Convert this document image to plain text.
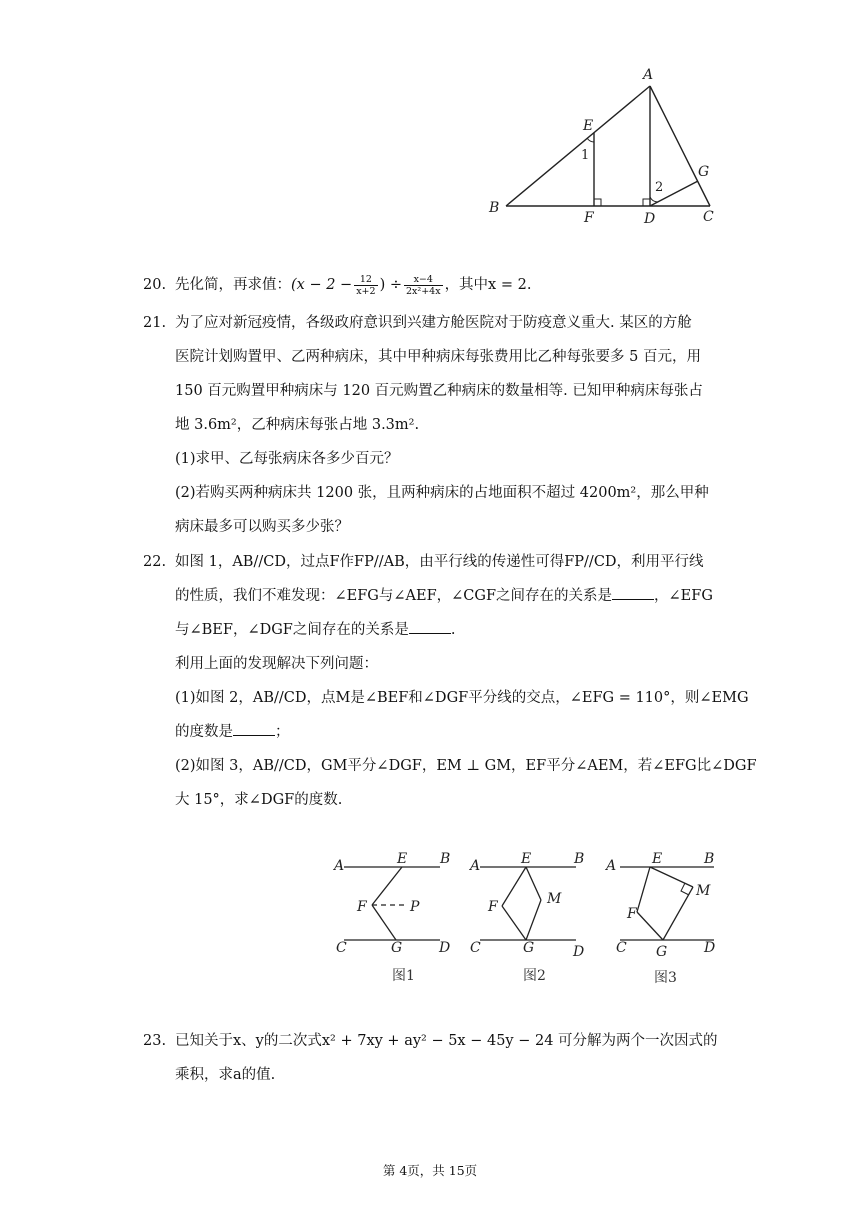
A
B
C
D
E
F
G
1
2
20. 先化简，再求值：($x - 2 - \frac{12}{x+2}$ ) ÷ $\frac{x-4}{\text{2x²+4x}}$ ，其中x = 2.
21. 为了应对新冠疫情，各级政府意识到兴建方舱医院对于防疫意义重大. 某区的方舱
医院计划购置甲、乙两种病床，其中甲种病床每张费用比乙种每张要多 5 百元，用
150 百元购置甲种病床与 120 百元购置乙种病床的数量相等. 已知甲种病床每张占
地 3.6m²，乙种病床每张占地 3.3m².
(1)求甲、乙每张病床各多少百元？
(2)若购买两种病床共 1200 张，且两种病床的占地面积不超过 4200m²，那么甲种
病床最多可以购买多少张？
22. 如图 1，AB//CD，过点F作FP//AB，由平行线的传递性可得FP//CD，利用平行线
的性质，我们不难发现：∠EFG与∠AEF，∠CGF之间存在的关系是	，∠EFG
与∠BEF，∠DGF之间存在的关系是	.
利用上面的发现解决下列问题：
(1)如图 2，AB//CD，点M是∠BEF和∠DGF平分线的交点，∠EFG = 110°，则∠EMG
的度数是	；
(2)如图 3，AB//CD，GM平分∠DGF，EM ⊥ GM，EF平分∠AEM，若∠EFG比∠DGF
大 15°，求∠DGF的度数.
A	E B
F	P
C	G	D
图1
A	E	B
F	M
C	G	D
图2
A	E	B
F
M
C G	D
图3
23. 已知关于x、y的二次式x² + 7xy + ay² − 5x − 45y − 24 可分解为两个一次因式的
乘积，求a的值.
第 4页，共 15页
